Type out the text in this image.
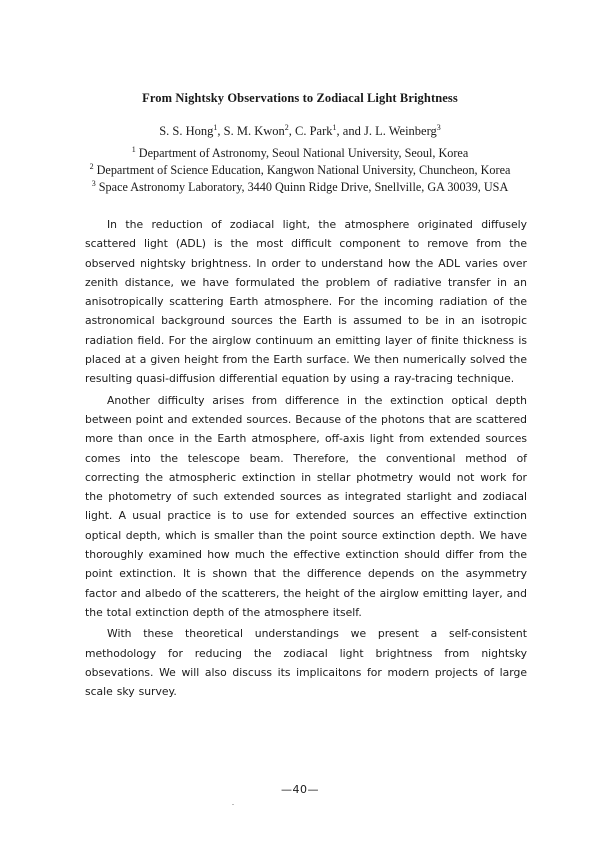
From Nightsky Observations to Zodiacal Light Brightness
S. S. Hong$^1$, S. M. Kwon$^2$, C. Park$^1$, and J. L. Weinberg$^3$
$^1$ Department of Astronomy, Seoul National University, Seoul, Korea
$^2$ Department of Science Education, Kangwon National University, Chuncheon, Korea
$^3$ Space Astronomy Laboratory, 3440 Quinn Ridge Drive, Snellville, GA 30039, USA

In the reduction of zodiacal light, the atmosphere originated diffusely scattered light (ADL) is the most difficult component to remove from the observed nightsky brightness. In order to understand how the ADL varies over zenith distance, we have formulated the problem of radiative transfer in an anisotropically scattering Earth atmosphere. For the incoming radiation of the astronomical background sources the Earth is assumed to be in an isotropic radiation field. For the airglow continuum an emitting layer of finite thickness is placed at a given height from the Earth surface. We then numerically solved the resulting quasi-diffusion differential equation by using a ray-tracing technique.

Another difficulty arises from difference in the extinction optical depth between point and extended sources. Because of the photons that are scattered more than once in the Earth atmosphere, off-axis light from extended sources comes into the telescope beam. Therefore, the conventional method of correcting the atmospheric extinction in stellar photmetry would not work for the photometry of such extended sources as integrated starlight and zodiacal light. A usual practice is to use for extended sources an effective extinction optical depth, which is smaller than the point source extinction depth. We have thoroughly examined how much the effective extinction should differ from the point extinction. It is shown that the difference depends on the asymmetry factor and albedo of the scatterers, the height of the airglow emitting layer, and the total extinction depth of the atmosphere itself.

With these theoretical understandings we present a self-consistent methodology for reducing the zodiacal light brightness from nightsky obsevations. We will also discuss its implicaitons for modern projects of large scale sky survey.

—40—
